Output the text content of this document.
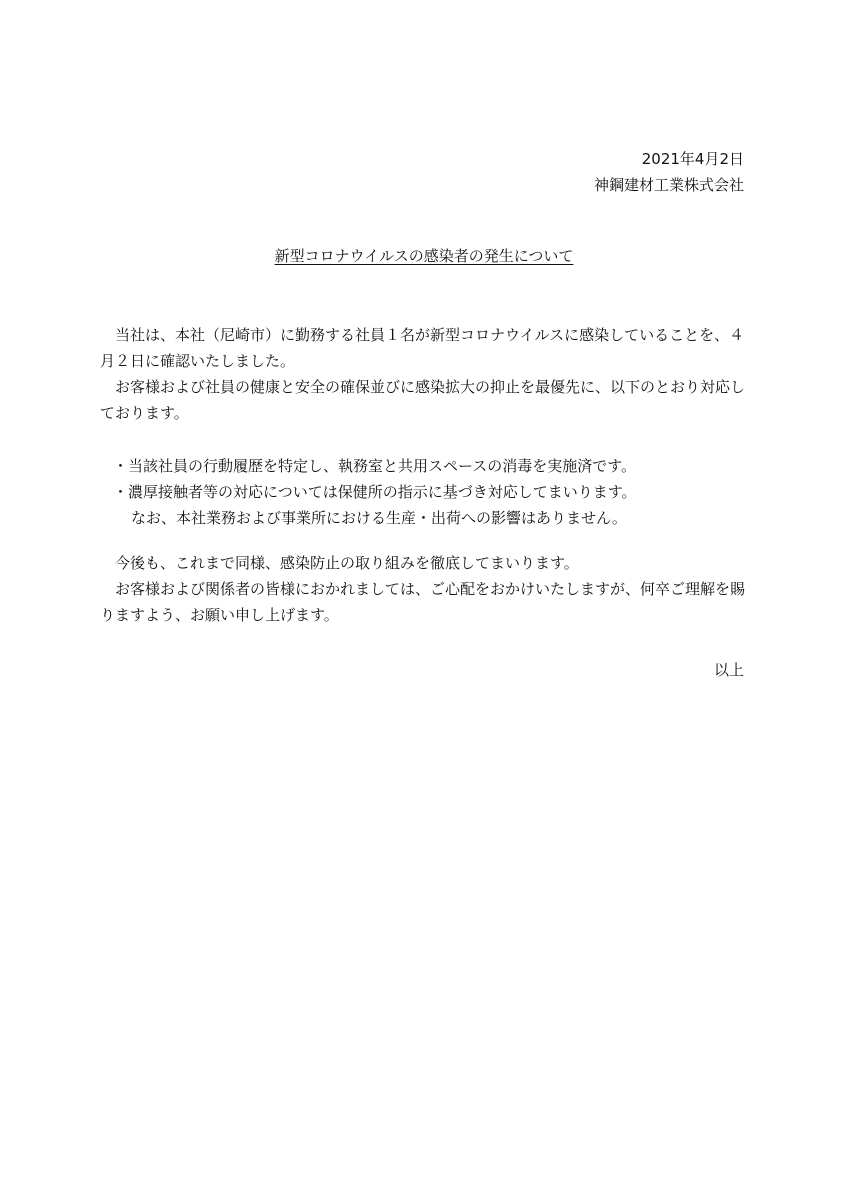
2021年4月2日
神鋼建材工業株式会社
新型コロナウイルスの感染者の発生について

当社は、本社（尼崎市）に勤務する社員１名が新型コロナウイルスに感染していることを、４月２日に確認いたしました。

お客様および社員の健康と安全の確保並びに感染拡大の抑止を最優先に、以下のとおり対応しております。

・当該社員の行動履歴を特定し、執務室と共用スペースの消毒を実施済です。
・濃厚接触者等の対応については保健所の指示に基づき対応してまいります。
なお、本社業務および事業所における生産・出荷への影響はありません。

今後も、これまで同様、感染防止の取り組みを徹底してまいります。

お客様および関係者の皆様におかれましては、ご心配をおかけいたしますが、何卒ご理解を賜りますよう、お願い申し上げます。

以上
